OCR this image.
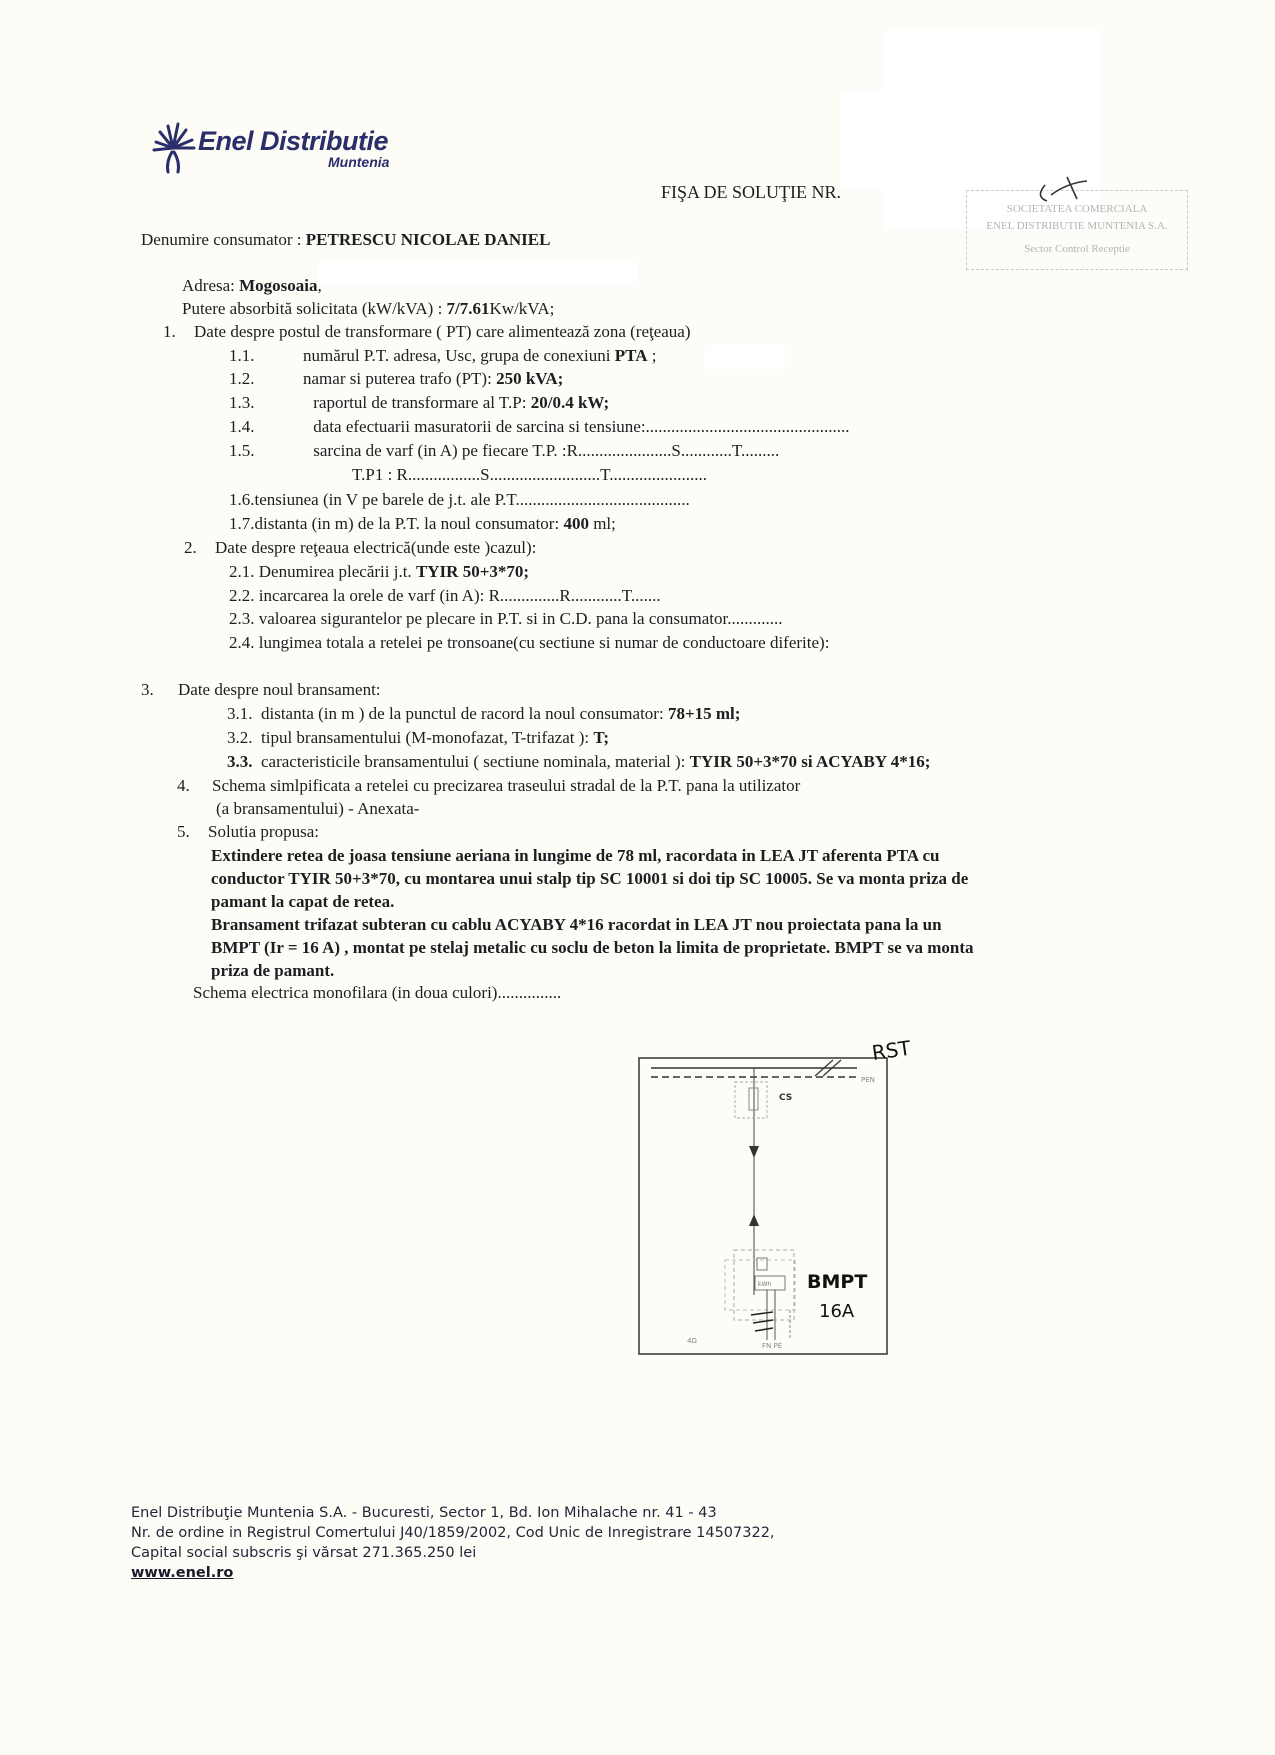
Enel Distributie
Muntenia
FIŞA DE SOLUŢIE NR.
SOCIETATEA COMERCIALA
ENEL DISTRIBUTIE MUNTENIA S.A.
Sector Control Receptie
Denumire consumator : PETRESCU NICOLAE DANIEL
Adresa: Mogosoaia,
Putere absorbită solicitata (kW/kVA) : 7/7.61Kw/kVA;
1. Date despre postul de transformare ( PT) care alimentează zona (reţeaua)
1.1.	numărul P.T. adresa, Usc, grupa de conexiuni PTA ;
1.2.	namar si puterea trafo (PT): 250 kVA;
1.3.	raportul de transformare al T.P: 20/0.4 kW;
1.4.	data efectuarii masuratorii de sarcina si tensiune:................................................
1.5.	sarcina de varf (in A) pe fiecare T.P. :R......................S............T.........
T.P1 : R.................S..........................T.......................
1.6.tensiunea (in V pe barele de j.t. ale P.T.........................................
1.7.distanta (in m) de la P.T. la noul consumator: 400 ml;
2. Date despre reţeaua electrică(unde este )cazul):
2.1. Denumirea plecării j.t. TYIR 50+3*70;
2.2. incarcarea la orele de varf (in A): R..............R............T.......
2.3. valoarea sigurantelor pe plecare in P.T. si in C.D. pana la consumator.............
2.4. lungimea totala a retelei pe tronsoane(cu sectiune si numar de conductoare diferite):
3. Date despre noul bransament:
3.1. distanta (in m ) de la punctul de racord la noul consumator: 78+15 ml;
3.2. tipul bransamentului (M-monofazat, T-trifazat ): T;
3.3. caracteristicile bransamentului ( sectiune nominala, material ): TYIR 50+3*70 si ACYABY 4*16;
4. Schema simlpificata a retelei cu precizarea traseului stradal de la P.T. pana la utilizator
(a bransamentului) - Anexata-
5. Solutia propusa:
Extindere retea de joasa tensiune aeriana in lungime de 78 ml, racordata in LEA JT aferenta PTA cu
conductor TYIR 50+3*70, cu montarea unui stalp tip SC 10001 si doi tip SC 10005. Se va monta priza de
pamant la capat de retea.
Bransament trifazat subteran cu cablu ACYABY 4*16 racordat in LEA JT nou proiectata pana la un
BMPT (Ir = 16 A) , montat pe stelaj metalic cu soclu de beton la limita de proprietate. BMPT se va monta
priza de pamant.
Schema electrica monofilara (in doua culori)...............
PEN
CS
kWh
FN PE
4Ω
RST
BMPT
16A
Enel Distribuţie Muntenia S.A. - Bucuresti, Sector 1, Bd. Ion Mihalache nr. 41 - 43
Nr. de ordine in Registrul Comertului J40/1859/2002, Cod Unic de Inregistrare 14507322,
Capital social subscris şi vărsat 271.365.250 lei
www.enel.ro
